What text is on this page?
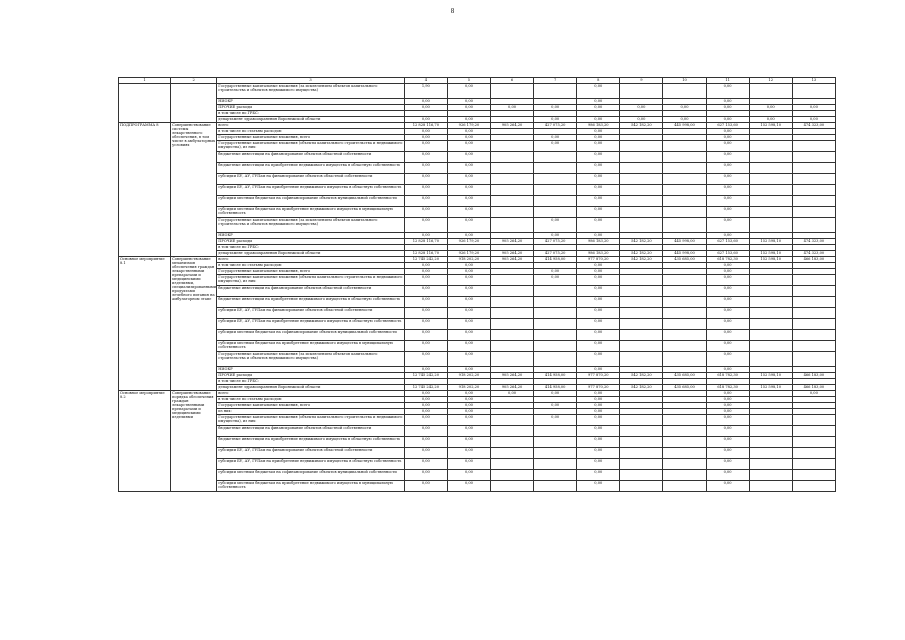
8
1	2	3	4	5	6	7	8	9	10	11	12	13
		Государственные капитальные вложения (за исключением объектов капитального строительства и объектов недвижимого имущества)	1,90	0,00			0,00			0,00		
		НИОКР	0,00	0,00			0,00			0,00		
		ПРОЧИЕ расходы	0,00	0,00	0,00	0,00	0,00	0,00	0,00	0,00	0,00	0,00
		в том числе по ГРБС:										
		департамент здравоохранения Воронежской области	0,00	0,00		0,00	0,00	0,00	0,00	0,00	0,00	0,00
ПОДПРОГРАММА 8	Совершенствование системы лекарственного обеспечения, в том числе в амбулаторных условиях	всего	12 828 116,70	926 179,20	905 264,20	427 075,20	986 183,20	542 182,20	445 998,00	627 153,60	152 598,10	474 323,00
		в том числе по статьям расходов:	0,00	0,00			0,00			0,00		
		Государственные капитальные вложения, всего	0,00	0,00		0,00	0,00			0,00		
		Государственные капитальные вложения (объекты капитального строительства и недвижимого имущества), из них:	0,00	0,00		0,00	0,00			0,00		
		бюджетные инвестиции на финансирование объектов областной собственности	0,00	0,00			0,00			0,00		
		бюджетные инвестиции на приобретение недвижимого имущества в областную собственность	0,00	0,00			0,00			0,00		
		субсидии БУ, АУ, ГУПам на финансирование объектов областной собственности	0,00	0,00			0,00			0,00		
		субсидии БУ, АУ, ГУПам на приобретение недвижимого имущества в областную собственность	0,00	0,00			0,00			0,00		
		субсидии местным бюджетам на софинансирование объектов муниципальной собственности	0,00	0,00			0,00			0,00		
		субсидии местным бюджетам на приобретение недвижимого имущества в муниципальную собственность	0,00	0,00			0,00			0,00		
		Государственные капитальные вложения (за исключением объектов капитального строительства и объектов недвижимого имущества)	0,00	0,00		0,00	0,00			0,00		
		НИОКР	0,00	0,00		0,00	0,00			0,00		
		ПРОЧИЕ расходы	12 828 116,70	926 179,20	905 264,20	427 075,20	986 183,20	542 182,20	445 998,00	627 153,60	152 598,10	474 323,00
		в том числе по ГРБС:										
		департамент здравоохранения Воронежской области	12 828 116,70	926 179,20	905 264,20	427 075,20	986 183,20	542 182,20	445 998,00	627 153,60	152 598,10	474 323,00
Основное мероприятие 8.1	Совершенствование механизмов обеспечения граждан лекарственными препаратами и медицинскими изделиями, специализированными продуктами лечебного питания на амбулаторном этапе	всего	12 745 242,20	918 202,20	905 264,20	414 958,00	977 870,20	542 182,20	435 685,00	618 782,30	152 598,10	466 183,00
		в том числе по статьям расходов:	0,00	0,00			0,00			0,00		
		Государственные капитальные вложения, всего	0,00	0,00		0,00	0,00			0,00		
		Государственные капитальные вложения (объекты капитального строительства и недвижимого имущества), из них:	0,00	0,00		0,00	0,00			0,00		
		бюджетные инвестиции на финансирование объектов областной собственности	0,00	0,00			0,00			0,00		
		бюджетные инвестиции на приобретение недвижимого имущества в областную собственность	0,00	0,00			0,00			0,00		
		субсидии БУ, АУ, ГУПам на финансирование объектов областной собственности	0,00	0,00			0,00			0,00		
		субсидии БУ, АУ, ГУПам на приобретение недвижимого имущества в областную собственность	0,00	0,00			0,00			0,00		
		субсидии местным бюджетам на софинансирование объектов муниципальной собственности	0,00	0,00			0,00			0,00		
		субсидии местным бюджетам на приобретение недвижимого имущества в муниципальную собственность	0,00	0,00			0,00			0,00		
		Государственные капитальные вложения (за исключением объектов капитального строительства и объектов недвижимого имущества)	0,00	0,00			0,00			0,00		
		НИОКР	0,00	0,00			0,00			0,00		
		ПРОЧИЕ расходы	12 745 242,20	918 202,20	905 264,20	414 958,00	977 870,20	542 182,20	435 685,00	618 782,30	152 598,10	466 183,00
		в том числе по ГРБС:										
		департамент здравоохранения Воронежской области	12 745 242,20	918 202,20	905 264,20	414 958,00	977 870,20	542 182,20	435 685,00	618 782,30	152 598,10	466 183,00
Основное мероприятие 8.2	Совершенствование порядка обеспечения граждан лекарственными препаратами и медицинскими изделиями	всего	0,00	0,00	0,00	0,00	0,00			0,00		0,00
		в том числе по статьям расходов:	0,00	0,00			0,00			0,00		
		Государственные капитальные вложения, всего	0,00	0,00		0,00	0,00			0,00		
		из них:	0,00	0,00			0,00			0,00		
		Государственные капитальные вложения (объекты капитального строительства и недвижимого имущества), из них:	0,00	0,00		0,00	0,00			0,00		
		бюджетные инвестиции на финансирование объектов областной собственности	0,00	0,00			0,00			0,00		
		бюджетные инвестиции на приобретение недвижимого имущества в областную собственность	0,00	0,00			0,00			0,00		
		субсидии БУ, АУ, ГУПам на финансирование объектов областной собственности	0,00	0,00			0,00			0,00		
		субсидии БУ, АУ, ГУПам на приобретение недвижимого имущества в областную собственность	0,00	0,00			0,00			0,00		
		субсидии местным бюджетам на софинансирование объектов муниципальной собственности	0,00	0,00			0,00			0,00		
		субсидии местным бюджетам на приобретение недвижимого имущества в муниципальную собственность	0,00	0,00			0,00			0,00		
